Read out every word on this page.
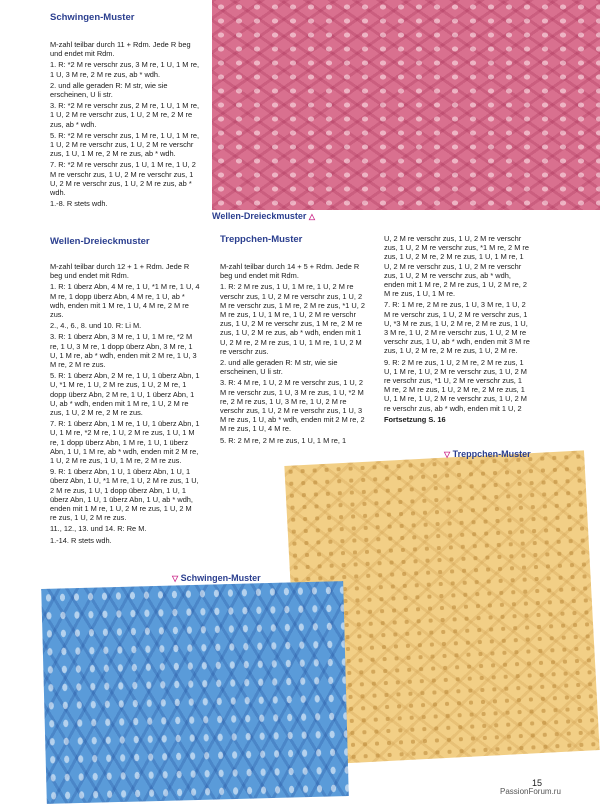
Schwingen-Muster

M-zahl teilbar durch 11 + Rdm. Jede R beg und endet mit Rdm.

1. R: *2 M re verschr zus, 3 M re, 1 U, 1 M re, 1 U, 3 M re, 2 M re zus, ab * wdh.

2. und alle geraden R: M str, wie sie erscheinen, U li str.

3. R: *2 M re verschr zus, 2 M re, 1 U, 1 M re, 1 U, 2 M re verschr zus, 1 U, 2 M re, 2 M re zus, ab * wdh.

5. R: *2 M re verschr zus, 1 M re, 1 U, 1 M re, 1 U, 2 M re verschr zus, 1 U, 2 M re verschr zus, 1 U, 1 M re, 2 M re zus, ab * wdh.

7. R: *2 M re verschr zus, 1 U, 1 M re, 1 U, 2 M re verschr zus, 1 U, 2 M re verschr zus, 1 U, 2 M re verschr zus, 1 U, 2 M re zus, ab * wdh.

1.-8. R stets wdh.

Wellen-Dreieckmuster

M-zahl teilbar durch 12 + 1 + Rdm. Jede R beg und endet mit Rdm.

1. R: 1 überz Abn, 4 M re, 1 U, *1 M re, 1 U, 4 M re, 1 dopp überz Abn, 4 M re, 1 U, ab * wdh, enden mit 1 M re, 1 U, 4 M re, 2 M re zus.

2., 4., 6., 8. und 10. R: Li M.

3. R: 1 überz Abn, 3 M re, 1 U, 1 M re, *2 M re, 1 U, 3 M re, 1 dopp überz Abn, 3 M re, 1 U, 1 M re, ab * wdh, enden mit 2 M re, 1 U, 3 M re, 2 M re zus.

5. R: 1 überz Abn, 2 M re, 1 U, 1 überz Abn, 1 U, *1 M re, 1 U, 2 M re zus, 1 U, 2 M re, 1 dopp überz Abn, 2 M re, 1 U, 1 überz Abn, 1 U, ab * wdh, enden mit 1 M re, 1 U, 2 M re zus, 1 U, 2 M re, 2 M re zus.

7. R: 1 überz Abn, 1 M re, 1 U, 1 überz Abn, 1 U, 1 M re, *2 M re, 1 U, 2 M re zus, 1 U, 1 M re, 1 dopp überz Abn, 1 M re, 1 U, 1 überz Abn, 1 U, 1 M re, ab * wdh, enden mit 2 M re, 1 U, 2 M re zus, 1 U, 1 M re, 2 M re zus.

9. R: 1 überz Abn, 1 U, 1 überz Abn, 1 U, 1 überz Abn, 1 U, *1 M re, 1 U, 2 M re zus, 1 U, 2 M re zus, 1 U, 1 dopp überz Abn, 1 U, 1 überz Abn, 1 U, 1 überz Abn, 1 U, ab * wdh, enden mit 1 M re, 1 U, 2 M re zus, 1 U, 2 M re zus, 1 U, 2 M re zus.

11., 12., 13. und 14. R: Re M.

1.-14. R stets wdh.

Treppchen-Muster

M-zahl teilbar durch 14 + 5 + Rdm. Jede R beg und endet mit Rdm.

1. R: 2 M re zus, 1 U, 1 M re, 1 U, 2 M re verschr zus, 1 U, 2 M re verschr zus, 1 U, 2 M re verschr zus, 1 M re, 2 M re zus, *1 U, 2 M re zus, 1 U, 1 M re, 1 U, 2 M re verschr zus, 1 U, 2 M re verschr zus, 1 M re, 2 M re zus, 1 U, 2 M re zus, ab * wdh, enden mit 1 U, 2 M re, 2 M re zus, 1 U, 1 M re, 1 U, 2 M re verschr zus.

2. und alle geraden R: M str, wie sie erscheinen, U li str.

3. R: 4 M re, 1 U, 2 M re verschr zus, 1 U, 2 M re verschr zus, 1 U, 3 M re zus, 1 U, *2 M re, 2 M re zus, 1 U, 3 M re, 1 U, 2 M re verschr zus, 1 U, 2 M re verschr zus, 1 U, 3 M re zus, 1 U, ab * wdh, enden mit 2 M re, 2 M re zus, 1 U, 4 M re.

5. R: 2 M re, 2 M re zus, 1 U, 1 M re, 1

U, 2 M re verschr zus, 1 U, 2 M re verschr zus, 1 U, 2 M re verschr zus, *1 M re, 2 M re zus, 1 U, 2 M re, 2 M re zus, 1 U, 1 M re, 1 U, 2 M re verschr zus, 1 U, 2 M re verschr zus, 1 U, 2 M re verschr zus, ab * wdh, enden mit 1 M re, 2 M re zus, 1 U, 2 M re, 2 M re zus, 1 U, 1 M re.

7. R: 1 M re, 2 M re zus, 1 U, 3 M re, 1 U, 2 M re verschr zus, 1 U, 2 M re verschr zus, 1 U, *3 M re zus, 1 U, 2 M re, 2 M re zus, 1 U, 3 M re, 1 U, 2 M re verschr zus, 1 U, 2 M re verschr zus, 1 U, ab * wdh, enden mit 3 M re zus, 1 U, 2 M re, 2 M re zus, 1 U, 2 M re.

9. R: 2 M re zus, 1 U, 2 M re, 2 M re zus, 1 U, 1 M re, 1 U, 2 M re verschr zus, 1 U, 2 M re verschr zus, *1 U, 2 M re verschr zus, 1 M re, 2 M re zus, 1 U, 2 M re, 2 M re zus, 1 U, 1 M re, 1 U, 2 M re verschr zus, 1 U, 2 M re verschr zus, ab * wdh, enden mit 1 U, 2

Fortsetzung S. 16

Wellen-Dreieckmuster △
▽ Treppchen-Muster
▽ Schwingen-Muster
15
PassionForum.ru
